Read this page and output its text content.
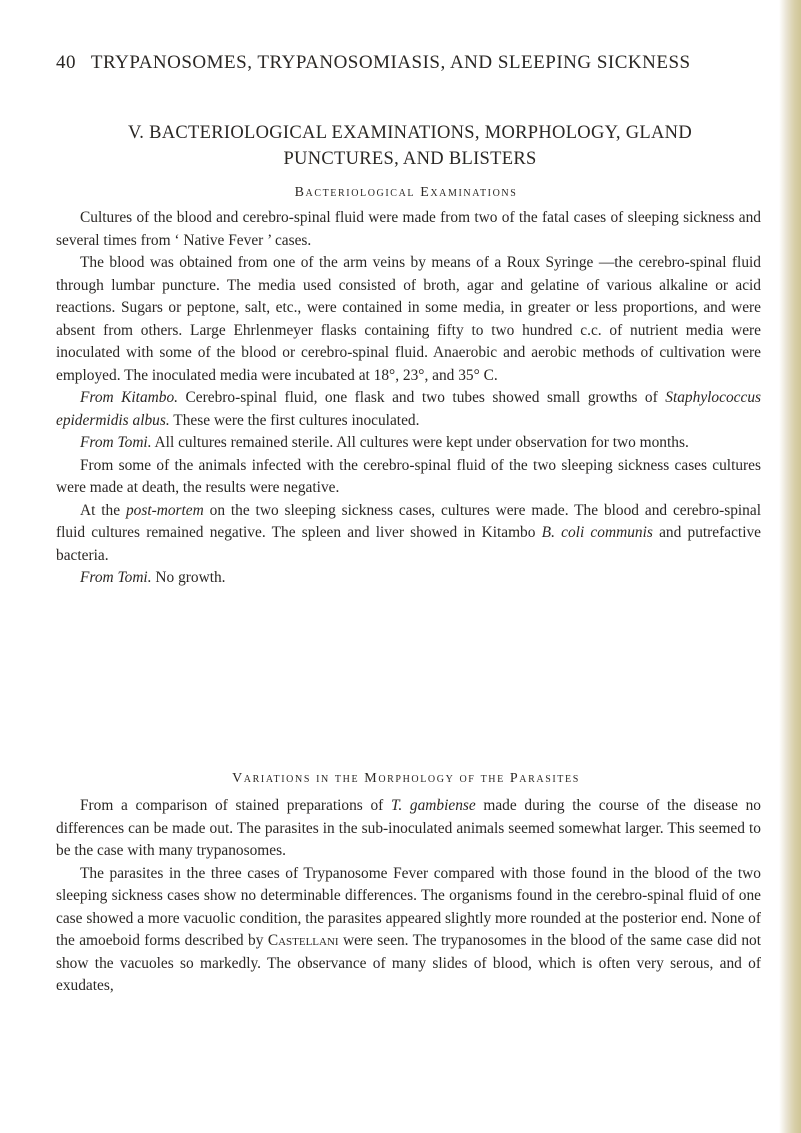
40 TRYPANOSOMES, TRYPANOSOMIASIS, AND SLEEPING SICKNESS
V. BACTERIOLOGICAL EXAMINATIONS, MORPHOLOGY, GLAND
PUNCTURES, AND BLISTERS
Bacteriological Examinations

Cultures of the blood and cerebro-spinal fluid were made from two of the fatal cases of sleeping sickness and several times from ‘ Native Fever ’ cases.

The blood was obtained from one of the arm veins by means of a Roux Syringe —the cerebro-spinal fluid through lumbar puncture. The media used consisted of broth, agar and gelatine of various alkaline or acid reactions. Sugars or peptone, salt, etc., were contained in some media, in greater or less proportions, and were absent from others. Large Ehrlenmeyer flasks containing fifty to two hundred c.c. of nutrient media were inoculated with some of the blood or cerebro-spinal fluid. Anaerobic and aerobic methods of cultivation were employed. The inoculated media were incubated at 18°, 23°, and 35° C.

From Kitambo. Cerebro-spinal fluid, one flask and two tubes showed small growths of Staphylococcus epidermidis albus. These were the first cultures inoculated.

From Tomi. All cultures remained sterile. All cultures were kept under observation for two months.

From some of the animals infected with the cerebro-spinal fluid of the two sleeping sickness cases cultures were made at death, the results were negative.

At the post-mortem on the two sleeping sickness cases, cultures were made. The blood and cerebro-spinal fluid cultures remained negative. The spleen and liver showed in Kitambo B. coli communis and putrefactive bacteria.

From Tomi. No growth.

Variations in the Morphology of the Parasites

From a comparison of stained preparations of T. gambiense made during the course of the disease no differences can be made out. The parasites in the sub-inoculated animals seemed somewhat larger. This seemed to be the case with many trypanosomes.

The parasites in the three cases of Trypanosome Fever compared with those found in the blood of the two sleeping sickness cases show no determinable differences. The organisms found in the cerebro-spinal fluid of one case showed a more vacuolic condition, the parasites appeared slightly more rounded at the posterior end. None of the amoeboid forms described by Castellani were seen. The trypanosomes in the blood of the same case did not show the vacuoles so markedly. The observance of many slides of blood, which is often very serous, and of exudates,
